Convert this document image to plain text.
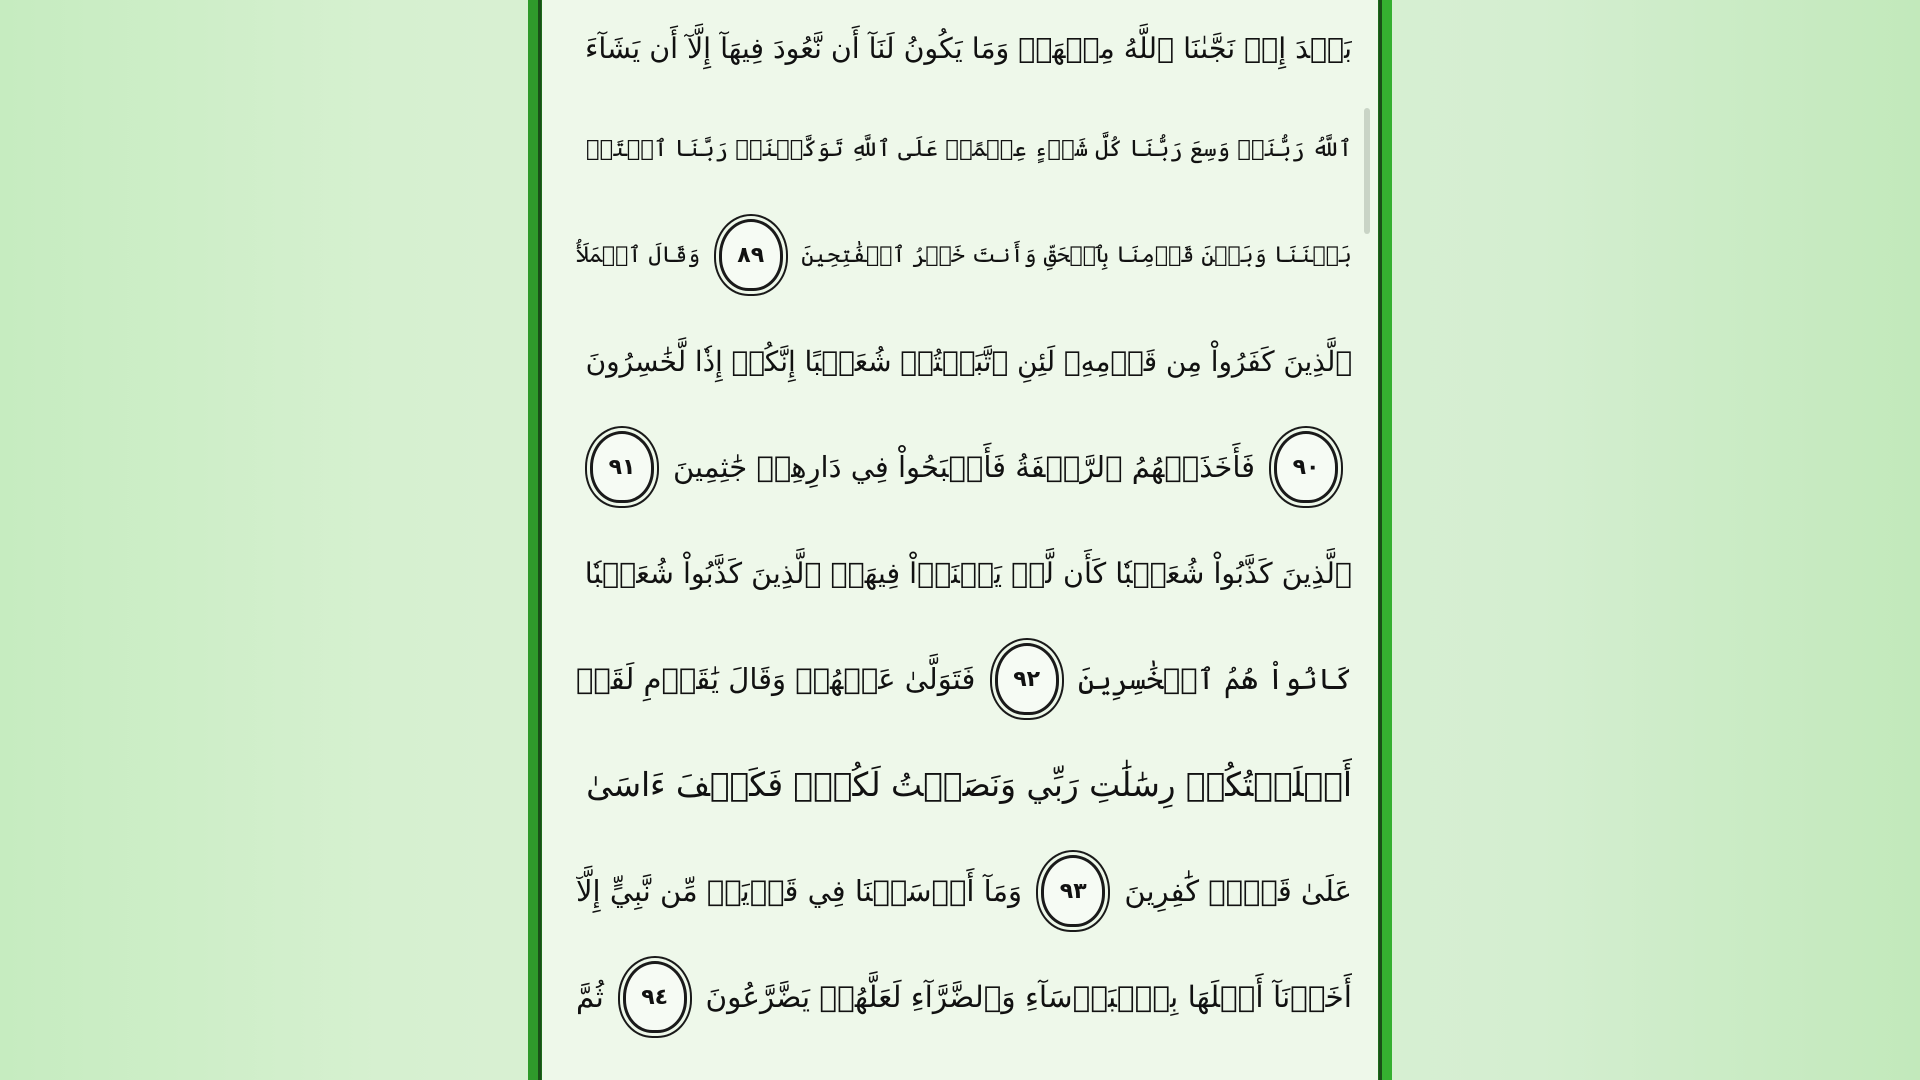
بَعۡدَ إِذۡ نَجَّىٰنَا ٱللَّهُ مِنۡهَاۚ وَمَا يَكُونُ لَنَآ أَن نَّعُودَ فِيهَآ إِلَّآ أَن يَشَآءَ
ٱللَّهُ رَبُّنَاۚ وَسِعَ رَبُّنَا كُلَّ شَيۡءٍ عِلۡمًاۚ عَلَى ٱللَّهِ تَوَكَّلۡنَاۚ رَبَّنَا ٱفۡتَحۡ
بَيۡنَنَا وَبَيۡنَ قَوۡمِنَا بِٱلۡحَقِّ وَأَنتَ خَيۡرُ ٱلۡفَٰتِحِينَ
٨٩
وَقَالَ ٱلۡمَلَأُ
ٱلَّذِينَ كَفَرُواْ مِن قَوۡمِهِۦ لَئِنِ ٱتَّبَعۡتُمۡ شُعَيۡبًا إِنَّكُمۡ إِذٗا لَّخَٰسِرُونَ
٩٠
فَأَخَذَتۡهُمُ ٱلرَّجۡفَةُ فَأَصۡبَحُواْ فِي دَارِهِمۡ جَٰثِمِينَ
٩١
ٱلَّذِينَ كَذَّبُواْ شُعَيۡبٗا كَأَن لَّمۡ يَغۡنَوۡاْ فِيهَاۚ ٱلَّذِينَ كَذَّبُواْ شُعَيۡبٗا
كَانُواْ هُمُ ٱلۡخَٰسِرِينَ
٩٢
فَتَوَلَّىٰ عَنۡهُمۡ وَقَالَ يَٰقَوۡمِ لَقَدۡ
أَبۡلَغۡتُكُمۡ رِسَٰلَٰتِ رَبِّي وَنَصَحۡتُ لَكُمۡۖ فَكَيۡفَ ءَاسَىٰ
عَلَىٰ قَوۡمٖ كَٰفِرِينَ
٩٣
وَمَآ أَرۡسَلۡنَا فِي قَرۡيَةٖ مِّن نَّبِيٍّ إِلَّآ
أَخَذۡنَآ أَهۡلَهَا بِٱلۡبَأۡسَآءِ وَٱلضَّرَّآءِ لَعَلَّهُمۡ يَضَّرَّعُونَ
٩٤
ثُمَّ
